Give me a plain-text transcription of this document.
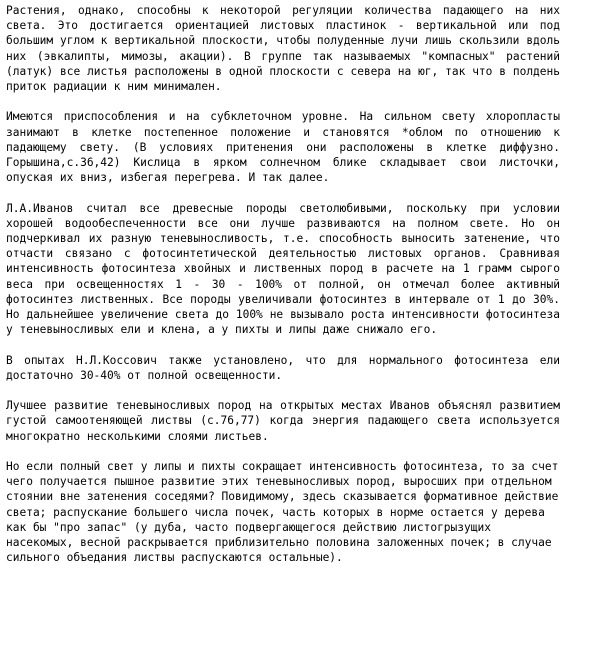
Растения, однако, способны к некоторой регуляции количества падающего на них света. Это достигается ориентацией листовых пластинок - вертикальной или под большим углом к вертикальной плоскости, чтобы полуденные лучи лишь скользили вдоль них (эвкалипты, мимозы, акации). В группе так называемых "компасных" растений (латук) все листья расположены в одной плоскости с севера на юг, так что в полдень приток радиации к ним минимален.

Имеются приспособления и на субклеточном уровне. На сильном свету хлоропласты занимают в клетке постепенное положение и становятся *облом по отношению к падающему свету. (В условиях притенения они расположены в клетке диффузно. Горышина,с.36,42) Кислица в ярком солнечном блике складывает свои листочки, опуская их вниз, избегая перегрева. И так далее.

Л.А.Иванов считал все древесные породы светолюбивыми, поскольку при условии хорошей водообеспеченности все они лучше развиваются на полном свете. Но он подчеркивал их разную теневыносливость, т.е. способность выносить затенение, что отчасти связано с фотосинтетической деятельностью листовых органов. Сравнивая интенсивность фотосинтеза хвойных и лиственных пород в расчете на 1 грамм сырого веса при освещенностях 1 - 30 - 100% от полной, он отмечал более активный фотосинтез лиственных. Все породы увеличивали фотосинтез в интервале от 1 до 30%. Но дальнейшее увеличение света до 100% не вызывало роста интенсивности фотосинтеза у теневыносливых ели и клена, а у пихты и липы даже снижало его.

В опытах Н.Л.Коссович также установлено, что для нормального фотосинтеза ели достаточно 30-40% от полной освещенности.

Лучшее развитие теневыносливых пород на открытых местах Иванов объяснял развитием густой самоотеняющей листвы (с.76,77) когда энергия падающего света используется многократно несколькими слоями листьев.

Но если полный свет у липы и пихты сокращает интенсивность фотосинтеза, то за счет чего получается пышное развитие этих теневыносливых пород, выросших при отдельном стоянии вне затенения соседями? Повидимому, здесь сказывается формативное действие света; распускание большего числа почек, часть которых в норме остается у дерева как бы "про запас" (у дуба, часто подвергающегося действию листогрызущих насекомых, весной раскрывается приблизительно половина заложенных почек; в случае сильного объедания листвы распускаются остальные).
